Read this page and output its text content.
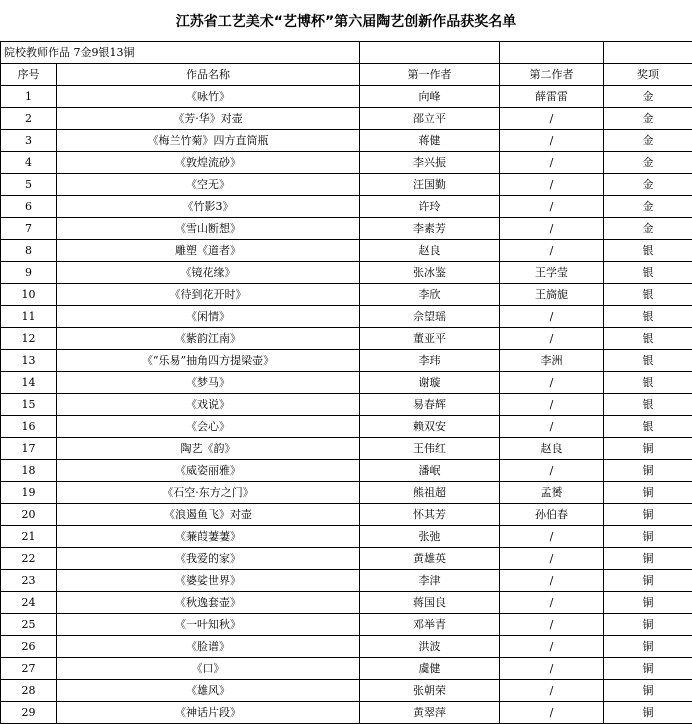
江苏省工艺美术“艺博杯”第六届陶艺创新作品获奖名单
院校教师作品 7金9银13铜				
序号	作品名称	第一作者	第二作者	奖项
1	《咏竹》	向峰	薛雷雷	金
2	《芳·华》对壶	邵立平	/	金
3	《梅兰竹菊》四方直筒瓶	蒋健	/	金
4	《敦煌流砂》	李兴振	/	金
5	《空无》	汪国勤	/	金
6	《竹影3》	许玲	/	金
7	《雪山断想》	李素芳	/	金
8	雕塑《道者》	赵良	/	银
9	《镜花缘》	张冰鉴	王学莹	银
10	《待到花开时》	李欣	王旖旎	银
11	《闲情》	佘望瑶	/	银
12	《紫韵江南》	董亚平	/	银
13	《“乐易”抽角四方提梁壶》	李玮	李洲	银
14	《梦马》	谢璇	/	银
15	《戏说》	易春辉	/	银
16	《会心》	赖双安	/	银
17	陶艺《韵》	王伟红	赵良	铜
18	《威姿丽雅》	潘岷	/	铜
19	《石空·东方之门》	熊祖超	孟赟	铜
20	《浪遏鱼飞》对壶	怀其芳	孙伯春	铜
21	《蒹葭萋萋》	张弛	/	铜
22	《我爱的家》	黄雄英	/	铜
23	《婆娑世界》	李津	/	铜
24	《秋逸套壶》	蒋国良	/	铜
25	《一叶知秋》	邓举青	/	铜
26	《脸谱》	洪波	/	铜
27	《口》	虞健	/	铜
28	《雄风》	张朝荣	/	铜
29	《神话片段》	黄翠萍	/	铜
